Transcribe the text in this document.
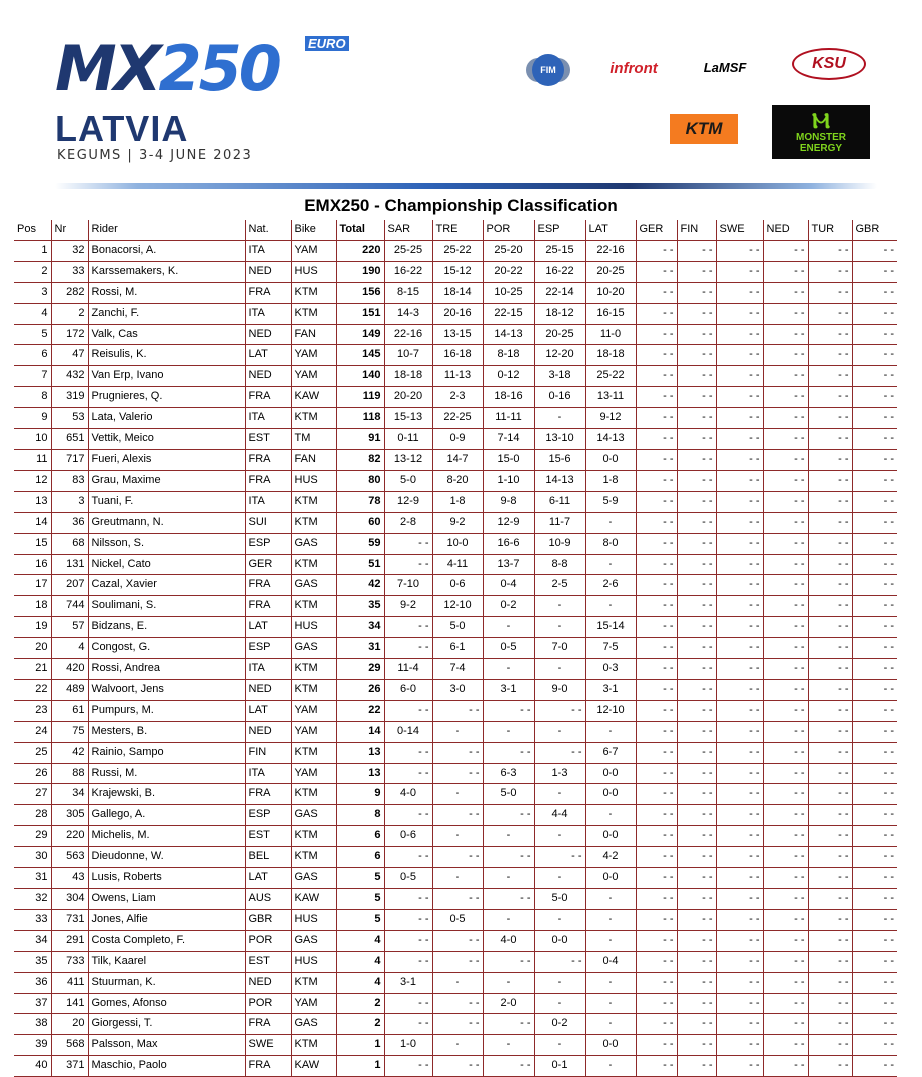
MX250 EURO
LATVIA
KEGUMS | 3-4 JUNE 2023
FIM	infront	LaMSF	KSU
KTM	Ⲙ
MONSTER
ENERGY
EMX250 - Championship Classification
Pos	Nr	Rider	Nat.	Bike	Total	SAR	TRE	POR	ESP	LAT	GER	FIN	SWE	NED	TUR	GBR
1	32	Bonacorsi, A.	ITA	YAM	220	25-25	25-22	25-20	25-15	22-16	- -	- -	- -	- -	- -	- -
2	33	Karssemakers, K.	NED	HUS	190	16-22	15-12	20-22	16-22	20-25	- -	- -	- -	- -	- -	- -
3	282	Rossi, M.	FRA	KTM	156	8-15	18-14	10-25	22-14	10-20	- -	- -	- -	- -	- -	- -
4	2	Zanchi, F.	ITA	KTM	151	14-3	20-16	22-15	18-12	16-15	- -	- -	- -	- -	- -	- -
5	172	Valk, Cas	NED	FAN	149	22-16	13-15	14-13	20-25	11-0	- -	- -	- -	- -	- -	- -
6	47	Reisulis, K.	LAT	YAM	145	10-7	16-18	8-18	12-20	18-18	- -	- -	- -	- -	- -	- -
7	432	Van Erp, Ivano	NED	YAM	140	18-18	11-13	0-12	3-18	25-22	- -	- -	- -	- -	- -	- -
8	319	Prugnieres, Q.	FRA	KAW	119	20-20	2-3	18-16	0-16	13-11	- -	- -	- -	- -	- -	- -
9	53	Lata, Valerio	ITA	KTM	118	15-13	22-25	11-11	-	9-12	- -	- -	- -	- -	- -	- -
10	651	Vettik, Meico	EST	TM	91	0-11	0-9	7-14	13-10	14-13	- -	- -	- -	- -	- -	- -
11	717	Fueri, Alexis	FRA	FAN	82	13-12	14-7	15-0	15-6	0-0	- -	- -	- -	- -	- -	- -
12	83	Grau, Maxime	FRA	HUS	80	5-0	8-20	1-10	14-13	1-8	- -	- -	- -	- -	- -	- -
13	3	Tuani, F.	ITA	KTM	78	12-9	1-8	9-8	6-11	5-9	- -	- -	- -	- -	- -	- -
14	36	Greutmann, N.	SUI	KTM	60	2-8	9-2	12-9	11-7	-	- -	- -	- -	- -	- -	- -
15	68	Nilsson, S.	ESP	GAS	59	- -	10-0	16-6	10-9	8-0	- -	- -	- -	- -	- -	- -
16	131	Nickel, Cato	GER	KTM	51	- -	4-11	13-7	8-8	-	- -	- -	- -	- -	- -	- -
17	207	Cazal, Xavier	FRA	GAS	42	7-10	0-6	0-4	2-5	2-6	- -	- -	- -	- -	- -	- -
18	744	Soulimani, S.	FRA	KTM	35	9-2	12-10	0-2	-	-	- -	- -	- -	- -	- -	- -
19	57	Bidzans, E.	LAT	HUS	34	- -	5-0	-	-	15-14	- -	- -	- -	- -	- -	- -
20	4	Congost, G.	ESP	GAS	31	- -	6-1	0-5	7-0	7-5	- -	- -	- -	- -	- -	- -
21	420	Rossi, Andrea	ITA	KTM	29	11-4	7-4	-	-	0-3	- -	- -	- -	- -	- -	- -
22	489	Walvoort, Jens	NED	KTM	26	6-0	3-0	3-1	9-0	3-1	- -	- -	- -	- -	- -	- -
23	61	Pumpurs, M.	LAT	YAM	22	- -	- -	- -	- -	12-10	- -	- -	- -	- -	- -	- -
24	75	Mesters, B.	NED	YAM	14	0-14	-	-	-	-	- -	- -	- -	- -	- -	- -
25	42	Rainio, Sampo	FIN	KTM	13	- -	- -	- -	- -	6-7	- -	- -	- -	- -	- -	- -
26	88	Russi, M.	ITA	YAM	13	- -	- -	6-3	1-3	0-0	- -	- -	- -	- -	- -	- -
27	34	Krajewski, B.	FRA	KTM	9	4-0	-	5-0	-	0-0	- -	- -	- -	- -	- -	- -
28	305	Gallego, A.	ESP	GAS	8	- -	- -	- -	4-4	-	- -	- -	- -	- -	- -	- -
29	220	Michelis, M.	EST	KTM	6	0-6	-	-	-	0-0	- -	- -	- -	- -	- -	- -
30	563	Dieudonne, W.	BEL	KTM	6	- -	- -	- -	- -	4-2	- -	- -	- -	- -	- -	- -
31	43	Lusis, Roberts	LAT	GAS	5	0-5	-	-	-	0-0	- -	- -	- -	- -	- -	- -
32	304	Owens, Liam	AUS	KAW	5	- -	- -	- -	5-0	-	- -	- -	- -	- -	- -	- -
33	731	Jones, Alfie	GBR	HUS	5	- -	0-5	-	-	-	- -	- -	- -	- -	- -	- -
34	291	Costa Completo, F.	POR	GAS	4	- -	- -	4-0	0-0	-	- -	- -	- -	- -	- -	- -
35	733	Tilk, Kaarel	EST	HUS	4	- -	- -	- -	- -	0-4	- -	- -	- -	- -	- -	- -
36	411	Stuurman, K.	NED	KTM	4	3-1	-	-	-	-	- -	- -	- -	- -	- -	- -
37	141	Gomes, Afonso	POR	YAM	2	- -	- -	2-0	-	-	- -	- -	- -	- -	- -	- -
38	20	Giorgessi, T.	FRA	GAS	2	- -	- -	- -	0-2	-	- -	- -	- -	- -	- -	- -
39	568	Palsson, Max	SWE	KTM	1	1-0	-	-	-	0-0	- -	- -	- -	- -	- -	- -
40	371	Maschio, Paolo	FRA	KAW	1	- -	- -	- -	0-1	-	- -	- -	- -	- -	- -	- -
